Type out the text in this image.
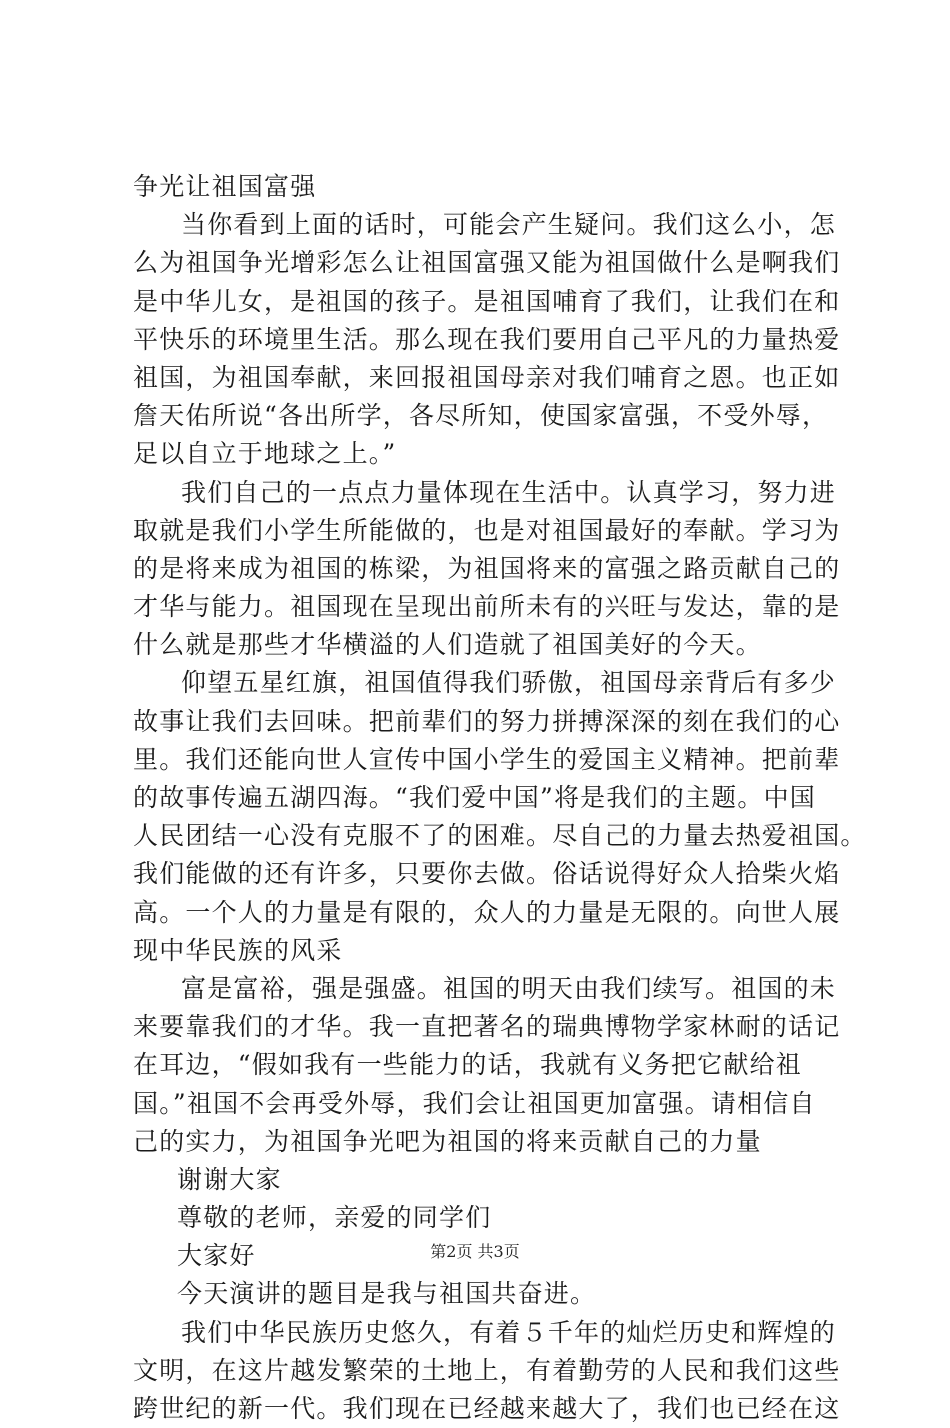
争光让祖国富强
当你看到上面的话时，可能会产生疑问。我们这么小，怎
么为祖国争光增彩怎么让祖国富强又能为祖国做什么是啊我们
是中华儿女，是祖国的孩子。是祖国哺育了我们，让我们在和
平快乐的环境里生活。那么现在我们要用自己平凡的力量热爱
祖国，为祖国奉献，来回报祖国母亲对我们哺育之恩。也正如
詹天佑所说“各出所学，各尽所知，使国家富强，不受外辱，
足以自立于地球之上。”
我们自己的一点点力量体现在生活中。认真学习，努力进
取就是我们小学生所能做的，也是对祖国最好的奉献。学习为
的是将来成为祖国的栋梁，为祖国将来的富强之路贡献自己的
才华与能力。祖国现在呈现出前所未有的兴旺与发达，靠的是
什么就是那些才华横溢的人们造就了祖国美好的今天。
仰望五星红旗，祖国值得我们骄傲，祖国母亲背后有多少
故事让我们去回味。把前辈们的努力拼搏深深的刻在我们的心
里。我们还能向世人宣传中国小学生的爱国主义精神。把前辈
的故事传遍五湖四海。“我们爱中国”将是我们的主题。中国
人民团结一心没有克服不了的困难。尽自己的力量去热爱祖国。
我们能做的还有许多，只要你去做。俗话说得好众人拾柴火焰
高。一个人的力量是有限的，众人的力量是无限的。向世人展
现中华民族的风采
富是富裕，强是强盛。祖国的明天由我们续写。祖国的未
来要靠我们的才华。我一直把著名的瑞典博物学家林耐的话记
在耳边，“假如我有一些能力的话，我就有义务把它献给祖
国。”祖国不会再受外辱，我们会让祖国更加富强。请相信自
己的实力，为祖国争光吧为祖国的将来贡献自己的力量
谢谢大家
尊敬的老师，亲爱的同学们
大家好
今天演讲的题目是我与祖国共奋进。
我们中华民族历史悠久，有着５千年的灿烂历史和辉煌的
文明，在这片越发繁荣的土地上，有着勤劳的人民和我们这些
跨世纪的新一代。我们现在已经越来越大了，我们也已经在这
第2页 共3页
